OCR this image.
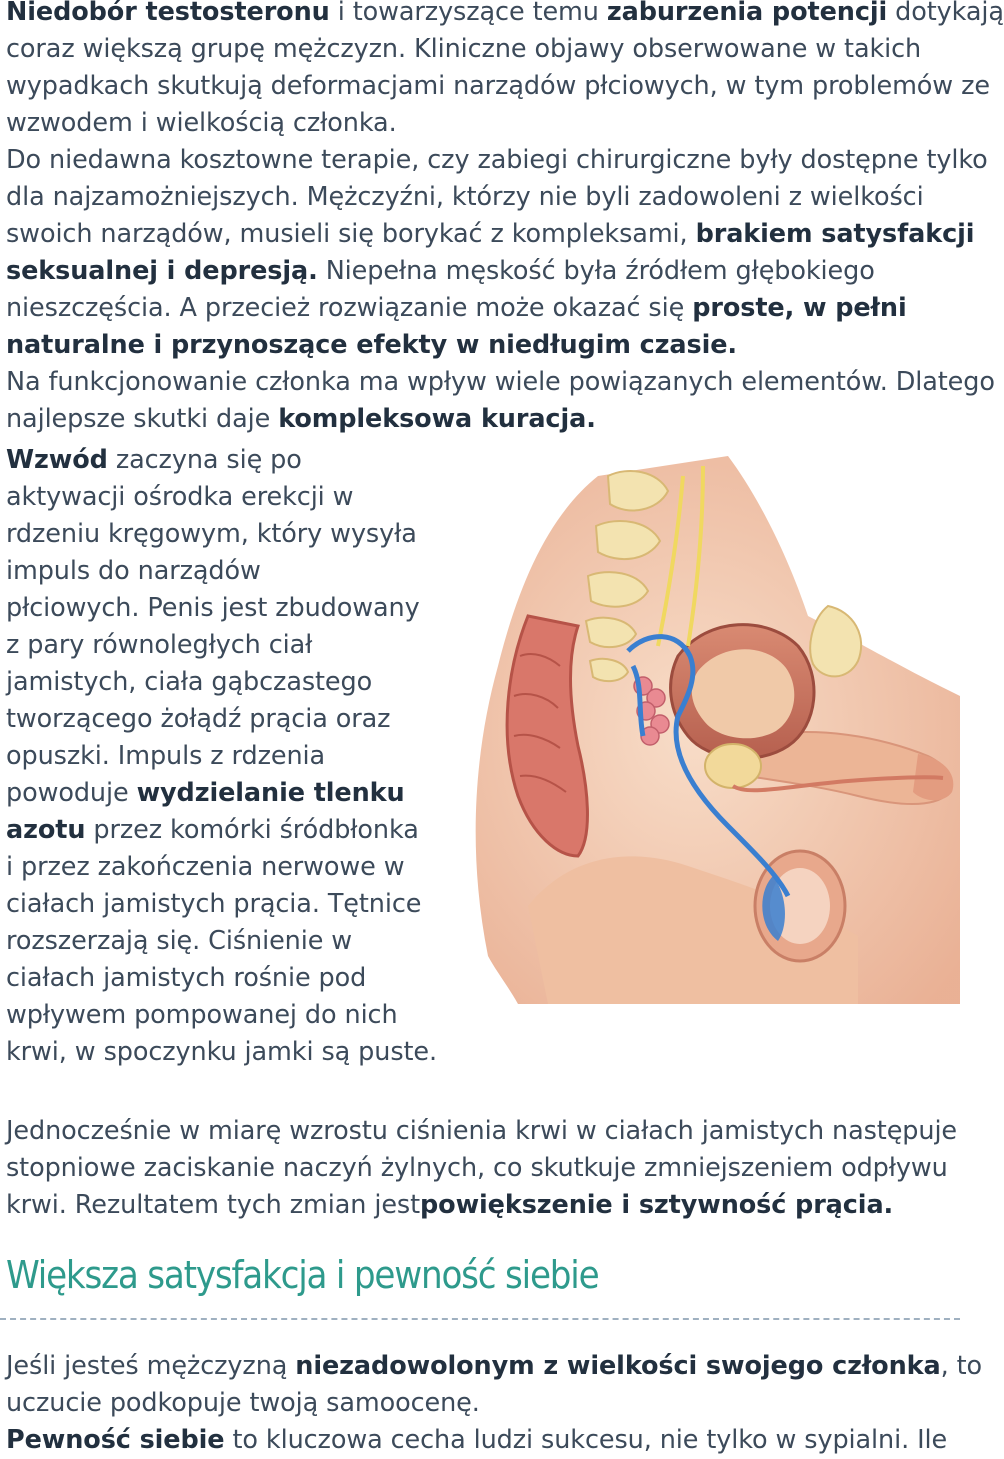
Niedobór testosteronu i towarzyszące temu zaburzenia potencji dotykają
coraz większą grupę mężczyzn. Kliniczne objawy obserwowane w takich
wypadkach skutkują deformacjami narządów płciowych, w tym problemów ze
wzwodem i wielkością członka.
Do niedawna kosztowne terapie, czy zabiegi chirurgiczne były dostępne tylko
dla najzamożniejszych. Mężczyźni, którzy nie byli zadowoleni z wielkości
swoich narządów, musieli się borykać z kompleksami, brakiem satysfakcji
seksualnej i depresją. Niepełna męskość była źródłem głębokiego
nieszczęścia. A przecież rozwiązanie może okazać się proste, w pełni
naturalne i przynoszące efekty w niedługim czasie.
Na funkcjonowanie członka ma wpływ wiele powiązanych elementów. Dlatego
najlepsze skutki daje kompleksowa kuracja.
Wzwód zaczyna się po
aktywacji ośrodka erekcji w
rdzeniu kręgowym, który wysyła
impuls do narządów
płciowych. Penis jest zbudowany
z pary równoległych ciał
jamistych, ciała gąbczastego
tworzącego żołądź prącia oraz
opuszki. Impuls z rdzenia
powoduje wydzielanie tlenku
azotu przez komórki śródbłonka
i przez zakończenia nerwowe w
ciałach jamistych prącia. Tętnice
rozszerzają się. Ciśnienie w
ciałach jamistych rośnie pod
wpływem pompowanej do nich
krwi, w spoczynku jamki są puste.
Jednocześnie w miarę wzrostu ciśnienia krwi w ciałach jamistych następuje
stopniowe zaciskanie naczyń żylnych, co skutkuje zmniejszeniem odpływu
krwi. Rezultatem tych zmian jestpowiększenie i sztywność prącia.
Większa satysfakcja i pewność siebie
Jeśli jesteś mężczyzną niezadowolonym z wielkości swojego członka, to
uczucie podkopuje twoją samoocenę.
Pewność siebie to kluczowa cecha ludzi sukcesu, nie tylko w sypialni. Ile
